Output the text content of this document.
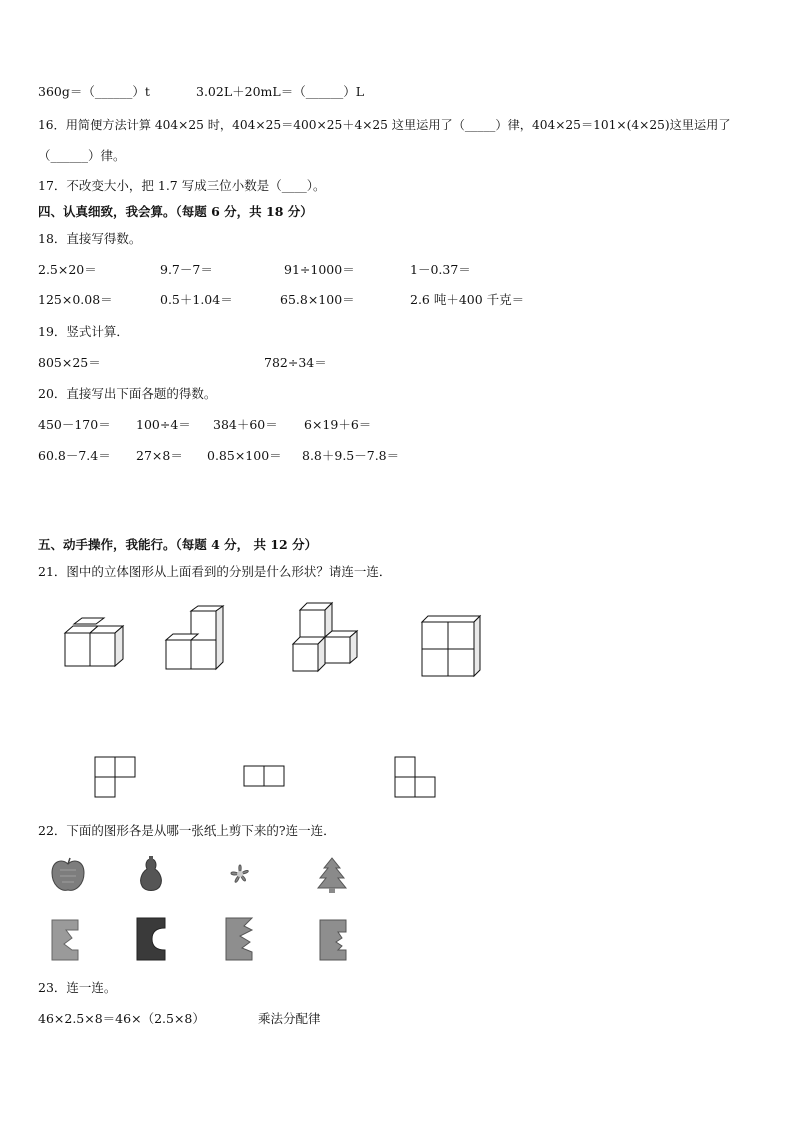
360g＝（______）t	3.02L＋20mL＝（______）L
16．用简便方法计算 404×25 时，404×25＝400×25＋4×25 这里运用了（_____）律，404×25＝101×(4×25)这里运用了
（______）律。
17．不改变大小，把 1.7 写成三位小数是（____）。
四、认真细致，我会算。（每题 6 分，共 18 分）
18．直接写得数。
2.5×20＝	9.7－7＝	91÷1000＝	1－0.37＝
125×0.08＝	0.5＋1.04＝	65.8×100＝	2.6 吨＋400 千克＝
19．竖式计算．
805×25＝	782÷34＝
20．直接写出下面各题的得数。
450－170＝ 100÷4＝ 384＋60＝ 6×19＋6＝
60.8－7.4＝ 27×8＝ 0.85×100＝ 8.8＋9.5－7.8＝
五、动手操作，我能行。（每题 4 分， 共 12 分）
21．图中的立体图形从上面看到的分别是什么形状？请连一连．
22．下面的图形各是从哪一张纸上剪下来的?连一连．
23．连一连。
46×2.5×8＝46×（2.5×8）	乘法分配律
